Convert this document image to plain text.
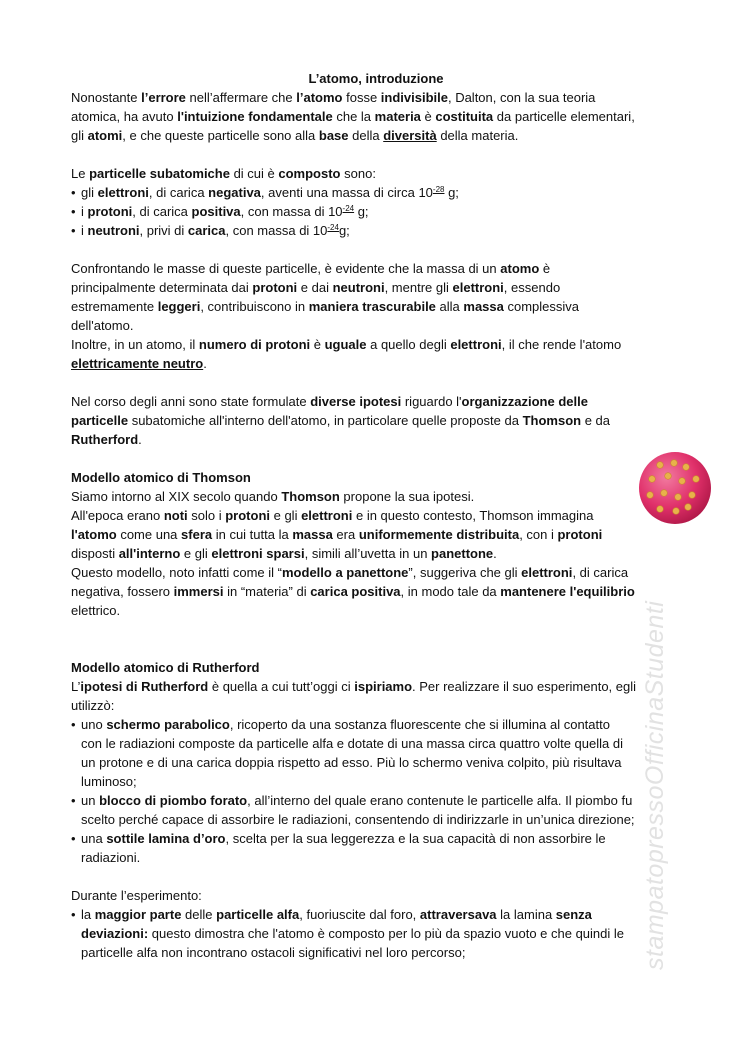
L’atomo, introduzione
Nonostante l’errore nell’affermare che l’atomo fosse indivisibile, Dalton, con la sua teoria
atomica, ha avuto l'intuizione fondamentale che la materia è costituita da particelle elementari,
gli atomi, e che queste particelle sono alla base della diversità della materia.
Le particelle subatomiche di cui è composto sono:
• gli elettroni, di carica negativa, aventi una massa di circa $10^{-28}$ g;
• i protoni, di carica positiva, con massa di $10^{-24}$ g;
• i neutroni, privi di carica, con massa di $10^{-24}g$;
Confrontando le masse di queste particelle, è evidente che la massa di un atomo è
principalmente determinata dai protoni e dai neutroni, mentre gli elettroni, essendo
estremamente leggeri, contribuiscono in maniera trascurabile alla massa complessiva
dell'atomo.
Inoltre, in un atomo, il numero di protoni è uguale a quello degli elettroni, il che rende l'atomo
elettricamente neutro.
Nel corso degli anni sono state formulate diverse ipotesi riguardo l'organizzazione delle
particelle subatomiche all'interno dell'atomo, in particolare quelle proposte da Thomson e da
Rutherford.
Modello atomico di Thomson
Siamo intorno al XIX secolo quando Thomson propone la sua ipotesi.
All'epoca erano noti solo i protoni e gli elettroni e in questo contesto, Thomson immagina
l'atomo come una sfera in cui tutta la massa era uniformemente distribuita, con i protoni
disposti all'interno e gli elettroni sparsi, simili all’uvetta in un panettone.
Questo modello, noto infatti come il “modello a panettone”, suggeriva che gli elettroni, di carica
negativa, fossero immersi in “materia” di carica positiva, in modo tale da mantenere l'equilibrio
elettrico.
Modello atomico di Rutherford
L’ipotesi di Rutherford è quella a cui tutt’oggi ci ispiriamo. Per realizzare il suo esperimento, egli
utilizzò:
• uno schermo parabolico, ricoperto da una sostanza fluorescente che si illumina al contatto
con le radiazioni composte da particelle alfa e dotate di una massa circa quattro volte quella di
un protone e di una carica doppia rispetto ad esso. Più lo schermo veniva colpito, più risultava
luminoso;
• un blocco di piombo forato, all’interno del quale erano contenute le particelle alfa. Il piombo fu
scelto perché capace di assorbire le radiazioni, consentendo di indirizzarle in un’unica direzione;
• una sottile lamina d’oro, scelta per la sua leggerezza e la sua capacità di non assorbire le
radiazioni.
Durante l’esperimento:
• la maggior parte delle particelle alfa, fuoriuscite dal foro, attraversava la lamina senza
deviazioni: questo dimostra che l'atomo è composto per lo più da spazio vuoto e che quindi le
particelle alfa non incontrano ostacoli significativi nel loro percorso;	stampatopressoOfficinaStudenti
